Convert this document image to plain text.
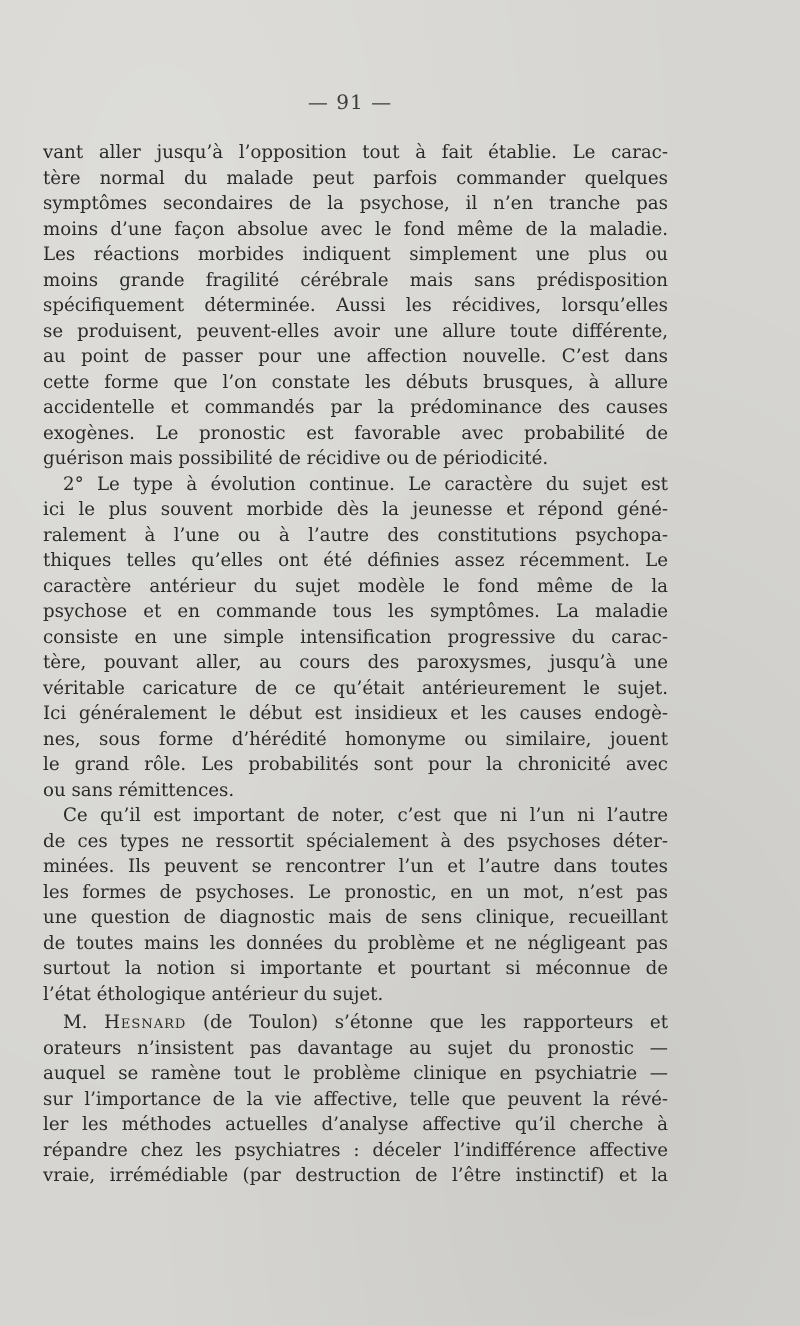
— 91 —
vant aller jusqu’à l’opposition tout à fait établie. Le carac-
tère normal du malade peut parfois commander quelques
symptômes secondaires de la psychose, il n’en tranche pas
moins d’une façon absolue avec le fond même de la maladie.
Les réactions morbides indiquent simplement une plus ou
moins grande fragilité cérébrale mais sans prédisposition
spécifiquement déterminée. Aussi les récidives, lorsqu’elles
se produisent, peuvent-elles avoir une allure toute différente,
au point de passer pour une affection nouvelle. C’est dans
cette forme que l’on constate les débuts brusques, à allure
accidentelle et commandés par la prédominance des causes
exogènes. Le pronostic est favorable avec probabilité de
guérison mais possibilité de récidive ou de périodicité.
2° Le type à évolution continue. Le caractère du sujet est
ici le plus souvent morbide dès la jeunesse et répond géné-
ralement à l’une ou à l’autre des constitutions psychopa-
thiques telles qu’elles ont été définies assez récemment. Le
caractère antérieur du sujet modèle le fond même de la
psychose et en commande tous les symptômes. La maladie
consiste en une simple intensification progressive du carac-
tère, pouvant aller, au cours des paroxysmes, jusqu’à une
véritable caricature de ce qu’était antérieurement le sujet.
Ici généralement le début est insidieux et les causes endogè-
nes, sous forme d’hérédité homonyme ou similaire, jouent
le grand rôle. Les probabilités sont pour la chronicité avec
ou sans rémittences.
Ce qu’il est important de noter, c’est que ni l’un ni l’autre
de ces types ne ressortit spécialement à des psychoses déter-
minées. Ils peuvent se rencontrer l’un et l’autre dans toutes
les formes de psychoses. Le pronostic, en un mot, n’est pas
une question de diagnostic mais de sens clinique, recueillant
de toutes mains les données du problème et ne négligeant pas
surtout la notion si importante et pourtant si méconnue de
l’état éthologique antérieur du sujet.
M. Hesnard (de Toulon) s’étonne que les rapporteurs et
orateurs n’insistent pas davantage au sujet du pronostic —
auquel se ramène tout le problème clinique en psychiatrie —
sur l’importance de la vie affective, telle que peuvent la révé-
ler les méthodes actuelles d’analyse affective qu’il cherche à
répandre chez les psychiatres : déceler l’indifférence affective
vraie, irrémédiable (par destruction de l’être instinctif) et la
